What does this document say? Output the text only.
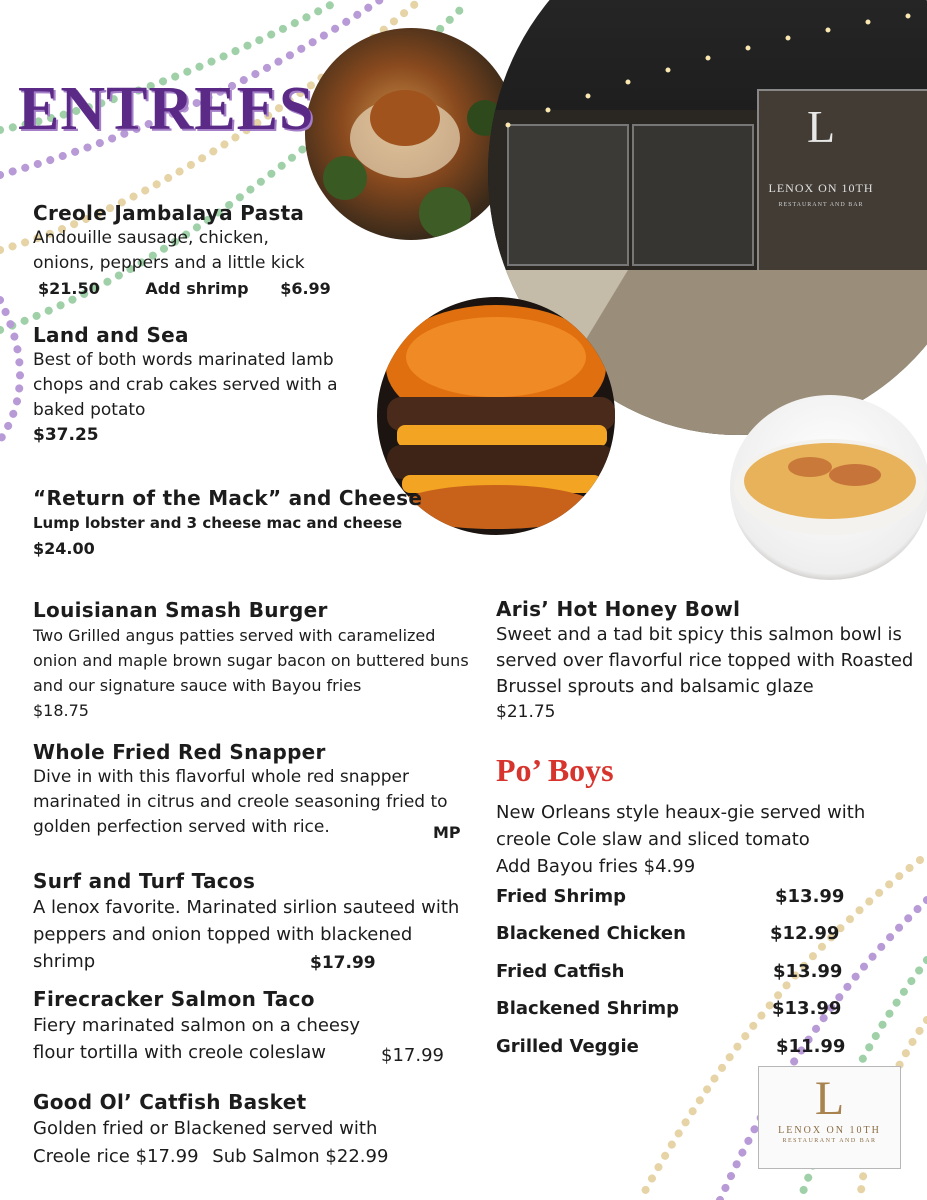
L
LENOX ON 10TH
RESTAURANT AND BAR
ENTREES
Creole Jambalaya Pasta
Andouille sausage, chicken, onions, peppers and a little kick
$21.50	Add shrimp $6.99
Land and Sea
Best of both words marinated lamb chops and crab cakes served with a baked potato
$37.25
“Return of the Mack” and Cheese
Lump lobster and 3 cheese mac and cheese
$24.00
Louisianan Smash Burger
Two Grilled angus patties served with caramelized onion and maple brown sugar bacon on buttered buns and our signature sauce with Bayou fries
$18.75
Whole Fried Red Snapper
Dive in with this flavorful whole red snapper marinated in citrus and creole seasoning fried to golden perfection served with rice.	MP
Surf and Turf Tacos
A lenox favorite. Marinated sirlion sauteed with peppers and onion topped with blackened shrimp	$17.99
Firecracker Salmon Taco
Fiery marinated salmon on a cheesy flour tortilla with creole coleslaw	$17.99
Good Ol’ Catfish Basket
Golden fried or Blackened served with Creole rice $17.99 Sub Salmon $22.99
Aris’ Hot Honey Bowl
Sweet and a tad bit spicy this salmon bowl is served over flavorful rice topped with Roasted Brussel sprouts and balsamic glaze
$21.75
Po’ Boys
New Orleans style heaux-gie served with creole Cole slaw and sliced tomato
Add Bayou fries $4.99
Fried Shrimp	$13.99
Blackened Chicken	$12.99
Fried Catfish	$13.99
Blackened Shrimp	$13.99
Grilled Veggie	$11.99
L
LENOX ON 10TH
RESTAURANT AND BAR
